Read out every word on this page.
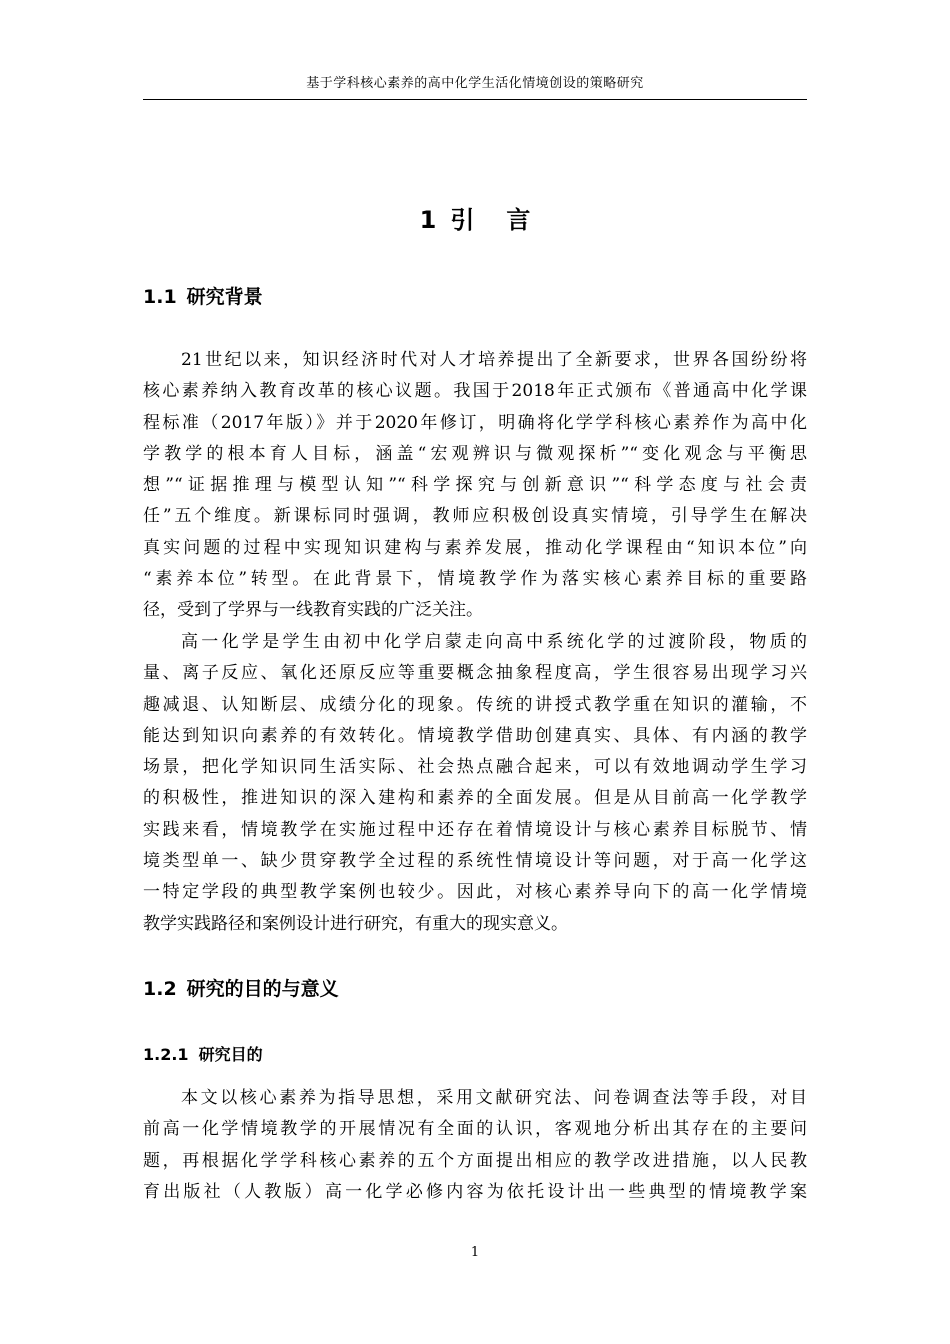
基于学科核心素养的高中化学生活化情境创设的策略研究
1 引 言
1.1 研究背景
21世纪以来，知识经济时代对人才培养提出了全新要求，世界各国纷纷将
核心素养纳入教育改革的核心议题。我国于2018年正式颁布《普通高中化学课
程标准（2017年版）》并于2020年修订，明确将化学学科核心素养作为高中化
学教学的根本育人目标，涵盖“宏观辨识与微观探析”“变化观念与平衡思
想”“证据推理与模型认知”“科学探究与创新意识”“科学态度与社会责
任”五个维度。新课标同时强调，教师应积极创设真实情境，引导学生在解决
真实问题的过程中实现知识建构与素养发展，推动化学课程由“知识本位”向
“素养本位”转型。在此背景下，情境教学作为落实核心素养目标的重要路
径，受到了学界与一线教育实践的广泛关注。
高一化学是学生由初中化学启蒙走向高中系统化学的过渡阶段，物质的
量、离子反应、氧化还原反应等重要概念抽象程度高，学生很容易出现学习兴
趣减退、认知断层、成绩分化的现象。传统的讲授式教学重在知识的灌输，不
能达到知识向素养的有效转化。情境教学借助创建真实、具体、有内涵的教学
场景，把化学知识同生活实际、社会热点融合起来，可以有效地调动学生学习
的积极性，推进知识的深入建构和素养的全面发展。但是从目前高一化学教学
实践来看，情境教学在实施过程中还存在着情境设计与核心素养目标脱节、情
境类型单一、缺少贯穿教学全过程的系统性情境设计等问题，对于高一化学这
一特定学段的典型教学案例也较少。因此，对核心素养导向下的高一化学情境
教学实践路径和案例设计进行研究，有重大的现实意义。
1.2 研究的目的与意义
1.2.1 研究目的
本文以核心素养为指导思想，采用文献研究法、问卷调查法等手段，对目
前高一化学情境教学的开展情况有全面的认识，客观地分析出其存在的主要问
题，再根据化学学科核心素养的五个方面提出相应的教学改进措施，以人民教
育出版社（人教版）高一化学必修内容为依托设计出一些典型的情境教学案
1
